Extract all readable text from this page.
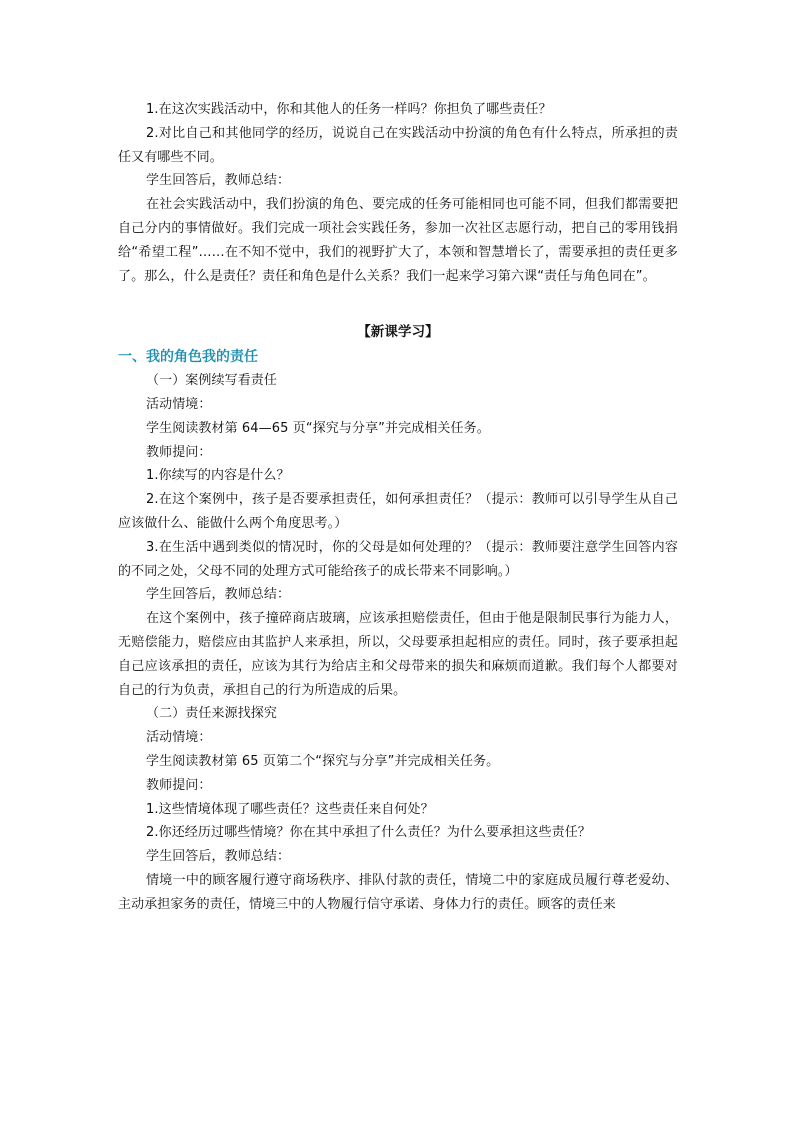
1.在这次实践活动中，你和其他人的任务一样吗？你担负了哪些责任？

2.对比自己和其他同学的经历，说说自己在实践活动中扮演的角色有什么特点，所承担的责任又有哪些不同。

学生回答后，教师总结：

在社会实践活动中，我们扮演的角色、要完成的任务可能相同也可能不同，但我们都需要把自己分内的事情做好。我们完成一项社会实践任务，参加一次社区志愿行动，把自己的零用钱捐给“希望工程”……在不知不觉中，我们的视野扩大了，本领和智慧增长了，需要承担的责任更多了。那么，什么是责任？责任和角色是什么关系？我们一起来学习第六课“责任与角色同在”。

【新课学习】

一、我的角色我的责任

（一）案例续写看责任

活动情境：

学生阅读教材第 64—65 页“探究与分享”并完成相关任务。

教师提问：

1.你续写的内容是什么？

2.在这个案例中，孩子是否要承担责任，如何承担责任？（提示：教师可以引导学生从自己应该做什么、能做什么两个角度思考。）

3.在生活中遇到类似的情况时，你的父母是如何处理的？（提示：教师要注意学生回答内容的不同之处，父母不同的处理方式可能给孩子的成长带来不同影响。）

学生回答后，教师总结：

在这个案例中，孩子撞碎商店玻璃，应该承担赔偿责任，但由于他是限制民事行为能力人，无赔偿能力，赔偿应由其监护人来承担，所以，父母要承担起相应的责任。同时，孩子要承担起自己应该承担的责任，应该为其行为给店主和父母带来的损失和麻烦而道歉。我们每个人都要对自己的行为负责，承担自己的行为所造成的后果。

（二）责任来源找探究

活动情境：

学生阅读教材第 65 页第二个“探究与分享”并完成相关任务。

教师提问：

1.这些情境体现了哪些责任？这些责任来自何处？

2.你还经历过哪些情境？你在其中承担了什么责任？为什么要承担这些责任？

学生回答后，教师总结：

情境一中的顾客履行遵守商场秩序、排队付款的责任，情境二中的家庭成员履行尊老爱幼、主动承担家务的责任，情境三中的人物履行信守承诺、身体力行的责任。顾客的责任来
